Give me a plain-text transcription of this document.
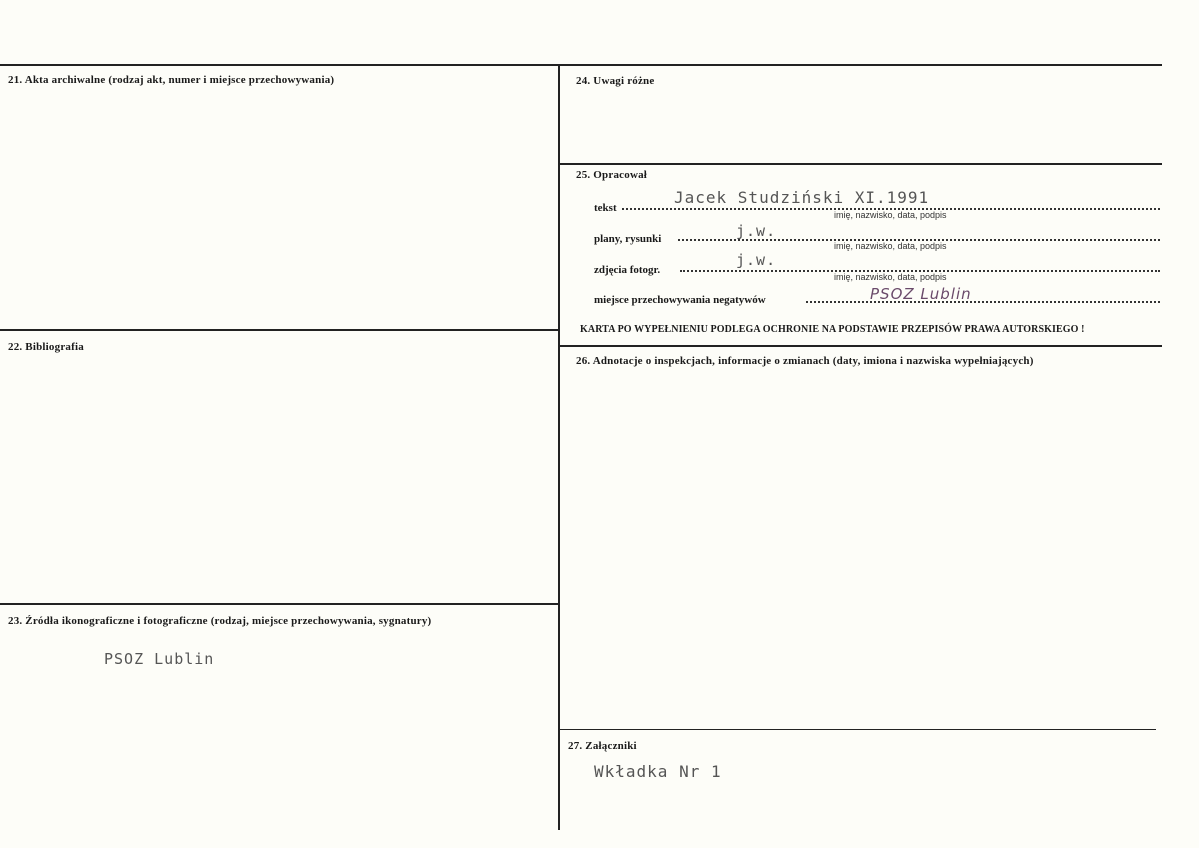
21. Akta archiwalne (rodzaj akt, numer i miejsce przechowywania)
22. Bibliografia
23. Źródła ikonograficzne i fotograficzne (rodzaj, miejsce przechowywania, sygnatury)
PSOZ Lublin
24. Uwagi różne
25. Opracował
tekst
Jacek Studziński XI.1991
imię, nazwisko, data, podpis
plany, rysunki	j.w.
imię, nazwisko, data, podpis
zdjęcia fotogr.
j.w.
imię, nazwisko, data, podpis
miejsce przechowywania negatywów	PSOZ Lublin
KARTA PO WYPEŁNIENIU PODLEGA OCHRONIE NA PODSTAWIE PRZEPISÓW PRAWA AUTORSKIEGO !
26. Adnotacje o inspekcjach, informacje o zmianach (daty, imiona i nazwiska wypełniających)
27. Załączniki
Wkładka Nr 1
